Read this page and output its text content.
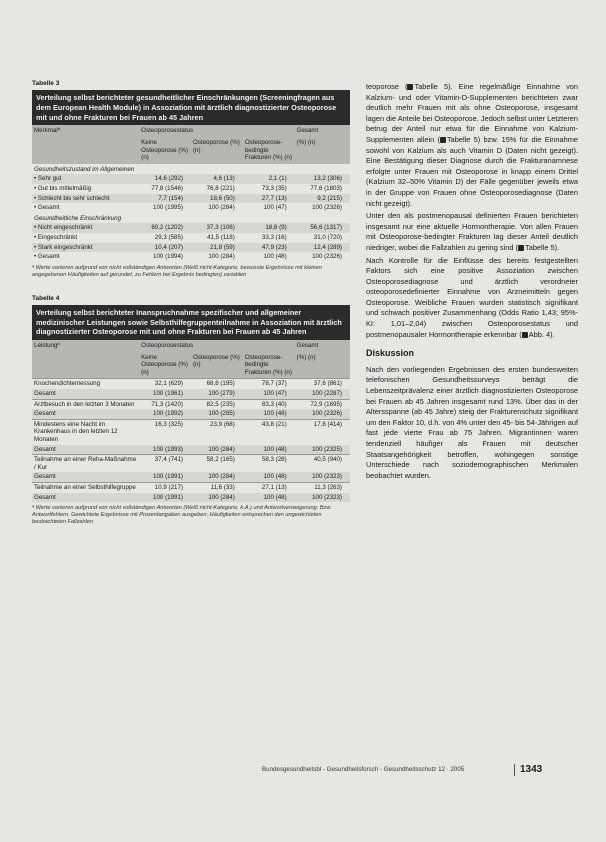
Tabelle 3
Verteilung selbst berichteter gesundheitlicher Einschränkungen (Screeningfragen aus dem European Health Module) in Assoziation mit ärztlich diagnostizierter Osteoporose mit und ohne Frakturen bei Frauen ab 45 Jahren
Merkmalª	Osteoporosestatus			Gesamt
	Keine Osteoporose (%) (n)	Osteoporose (%) (n)	Osteoporose-bedingte Frakturen (%) (n)	(%) (n)
Gesundheitszustand im Allgemeinen				
• Sehr gut	14,6 (292)	4,6 (13)	2,1 (1)	13,2 (306)
• Gut bis mittelmäßig	77,8 (1546)	76,8 (221)	73,3 (35)	77,6 (1803)
• Schlecht bis sehr schlecht	7,7 (154)	18,6 (50)	27,7 (13)	9,2 (215)
• Gesamt	100 (1995)	100 (284)	100 (47)	100 (2326)
Gesundheitliche Einschränkung				
• Nicht eingeschränkt	60,2 (1202)	37,3 (106)	18,8 (9)	56,6 (1317)
• Eingeschränkt	29,3 (585)	41,5 (118)	33,3 (16)	31,0 (720)
• Stark eingeschränkt	10,4 (207)	21,8 (59)	47,9 (23)	12,4 (289)
• Gesamt	100 (1994)	100 (284)	100 (48)	100 (2326)
ª Werte variieren aufgrund von nicht vollständigen Antworten (Weiß nicht-Kategorie, bewusste Ergebnisse mit kleinen angegebenen Häufigkeiten auf gerundet, zu Fehlern bei Ergebnis bedingten) variablen
Tabelle 4
Verteilung selbst berichteter Inanspruchnahme spezifischer und allgemeiner medizinischer Leistungen sowie Selbsthilfegruppenteilnahme in Assoziation mit ärztlich diagnostizierter Osteoporose mit und ohne Frakturen bei Frauen ab 45 Jahren
Leistungª	Osteoporosestatus			Gesamt
	Keine Osteoporose (%) (n)	Osteoporose (%) (n)	Osteoporose-bedingte Frakturen (%) (n)	(%) (n)
Knochendichtemessung	32,1 (629)	68,8 (195)	78,7 (37)	37,6 (861)
Gesamt	100 (1961)	100 (279)	100 (47)	100 (2287)
Arztbesuch in den letzten 3 Monaten	71,3 (1420)	82,5 (235)	83,3 (40)	72,9 (1695)
Gesamt	100 (1992)	100 (285)	100 (48)	100 (2326)
Mindestens eine Nacht im Krankenhaus in den letzten 12 Monaten	16,3 (325)	23,9 (68)	43,8 (21)	17,8 (414)
Gesamt	100 (1993)	100 (284)	100 (48)	100 (2325)
Teilnahme an einer Reha-Maßnahme / Kur	37,4 (741)	58,2 (165)	58,3 (28)	40,5 (940)
Gesamt	100 (1991)	100 (284)	100 (48)	100 (2323)
Teilnahme an einer Selbsthilfegruppe	10,9 (217)	11,6 (33)	27,1 (13)	11,3 (263)
Gesamt	100 (1991)	100 (284)	100 (48)	100 (2323)
ª Werte variieren aufgrund von nicht vollständigen Antworten (Weiß nicht-Kategorie, k.A.) und Antwortverweigerung. Bzw. Antwortfehlern. Gewichtete Ergebnisse mit Prozentangaben ausgeben; Häufigkeiten entsprechen den ungewichteten beobachteten Fallzahlen

teoporose ( Tabelle 5). Eine regelmäßige Einnahme von Kalzium- und oder Vitamin-D-Supplementen berichteten zwar deutlich mehr Frauen mit als ohne Osteoporose, insgesamt lagen die Anteile bei Osteoporose. Jedoch selbst unter Letzteren betrug der Anteil nur etwa für die Einnahme von Kalzium-Supplementen allein ( Tabelle 5) bzw. 15% für die Einnahme sowohl von Kalzium als auch Vitamin D (Daten nicht gezeigt). Eine Bestätigung dieser Diagnose durch die Frakturanamnese erfolgte unter Frauen mit Osteoporose in knapp einem Drittel (Kalzium 32–50% Vitamin D) der Fälle gegenüber jeweils etwa in der Gruppe von Frauen ohne Osteoporosediagnose (Daten nicht gezeigt).

Unter den als postmenopausal definierten Frauen berichteten insgesamt nur eine aktuelle Hormontherapie. Von allen Frauen mit Osteoporose-bedingter Frakturen lag dieser Anteil deutlich niedriger, wobei die Fallzahlen zu gering sind ( Tabelle 5).

Nach Kontrolle für die Einflüsse des bereits festgestellten Faktors sich eine positive Assoziation zwischen Osteoporosediagnose und ärztlich verordneter osteoporosedefinierter Einnahme von Arzneimitteln gegen Osteoporose. Weibliche Frauen wurden statistisch signifikant und schwach positiver Zusammenhang (Odds Ratio 1,43; 95%-KI: 1,01–2,04) zwischen Osteoporosestatus und postmenopausaler Hormontherapie erkennbar ( Abb. 4).

Diskussion

Nach den vorliegenden Ergebnissen des ersten bundesweiten telefonischen Gesundheitssurveys beträgt die Lebenszeitprävalenz einer ärztlich diagnostizierten Osteoporose bei Frauen ab 45 Jahren insgesamt rund 13%. Über das in der Altersspanne (ab 45 Jahre) steig der Frakturenschutz signifikant um den Faktor 10, d.h. von 4% unter den 45- bis 54-Jährigen auf fast jede vierte Frau ab 75 Jahren. Migrantinnen waren tendenziell häufiger als Frauen mit deutscher Staatsangehörigkeit betroffen, wohingegen sonstige Unterschiede nach soziodemographischen Merkmalen beobachtet wurden.

Bundesgesundheitsbl - Gesundheitsforsch - Gesundheitsschutz 12 · 2005	1343
